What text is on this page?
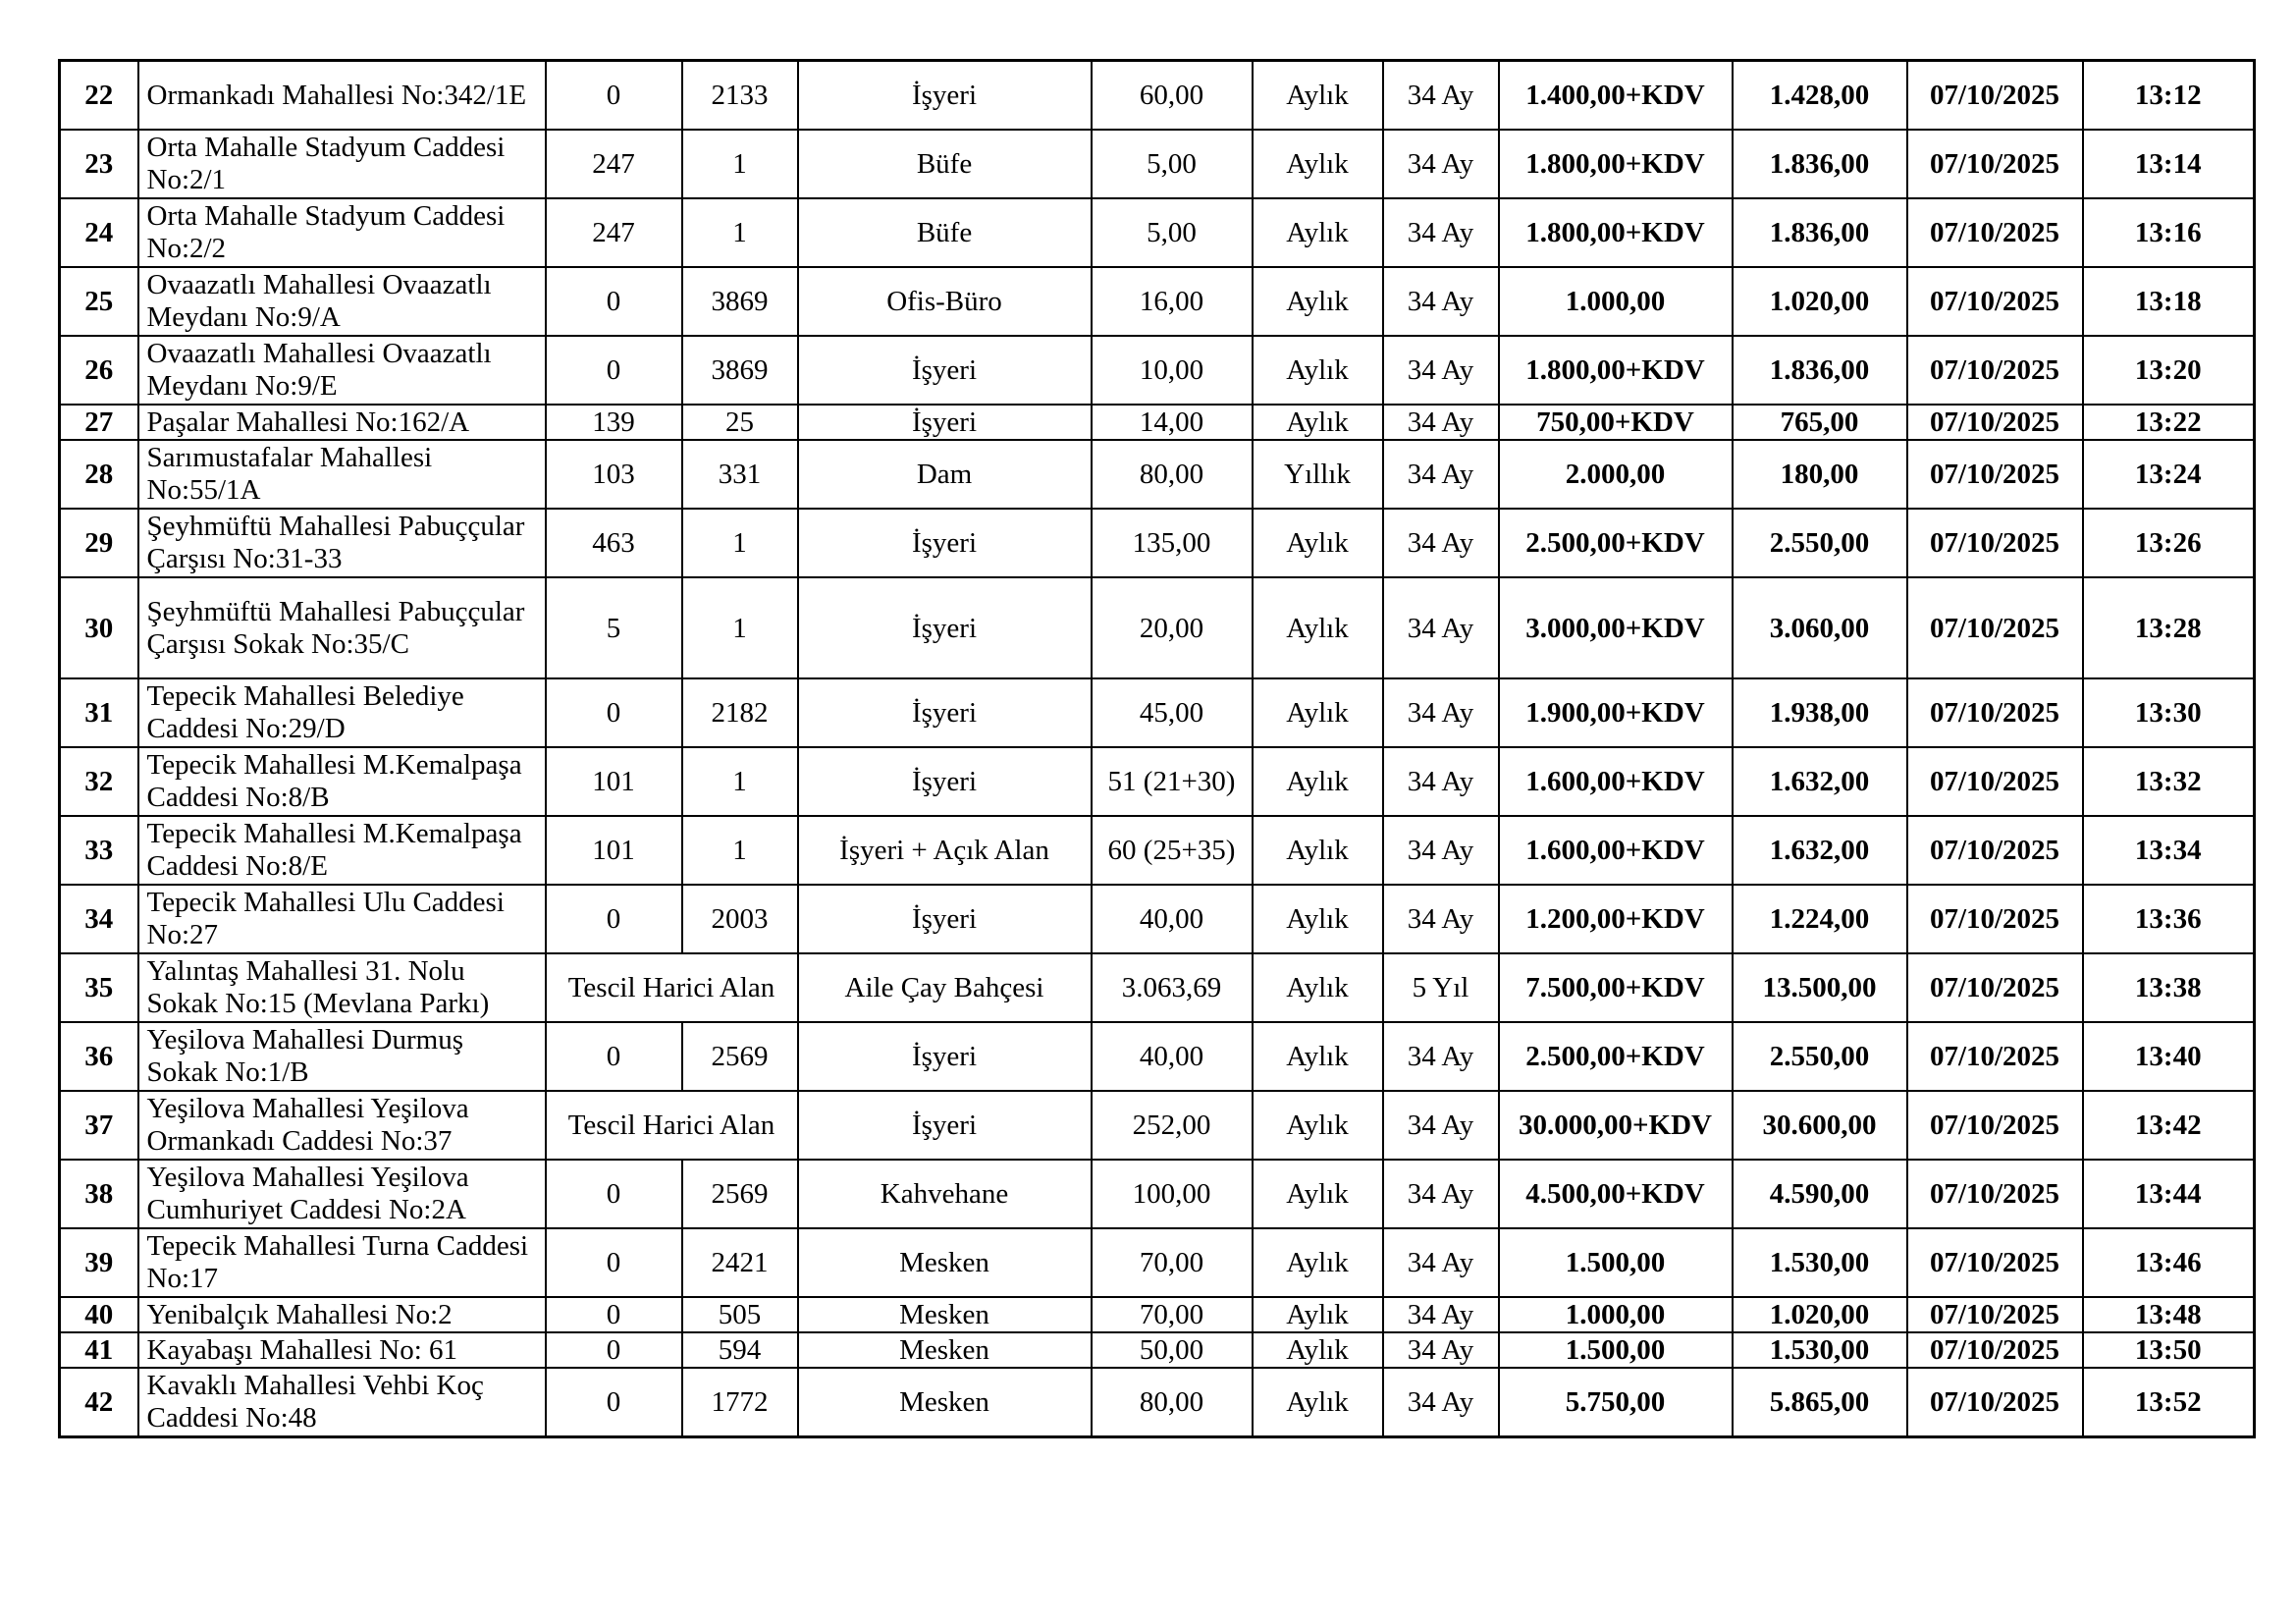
22	Ormankadı Mahallesi No:342/1E	0	2133	İşyeri	60,00	Aylık	34 Ay	1.400,00+KDV	1.428,00	07/10/2025	13:12
23	Orta Mahalle Stadyum Caddesi No:2/1	247	1	Büfe	5,00	Aylık	34 Ay	1.800,00+KDV	1.836,00	07/10/2025	13:14
24	Orta Mahalle Stadyum Caddesi No:2/2	247	1	Büfe	5,00	Aylık	34 Ay	1.800,00+KDV	1.836,00	07/10/2025	13:16
25	Ovaazatlı Mahallesi Ovaazatlı Meydanı No:9/A	0	3869	Ofis-Büro	16,00	Aylık	34 Ay	1.000,00	1.020,00	07/10/2025	13:18
26	Ovaazatlı Mahallesi Ovaazatlı Meydanı No:9/E	0	3869	İşyeri	10,00	Aylık	34 Ay	1.800,00+KDV	1.836,00	07/10/2025	13:20
27	Paşalar Mahallesi No:162/A	139	25	İşyeri	14,00	Aylık	34 Ay	750,00+KDV	765,00	07/10/2025	13:22
28	Sarımustafalar Mahallesi No:55/1A	103	331	Dam	80,00	Yıllık	34 Ay	2.000,00	180,00	07/10/2025	13:24
29	Şeyhmüftü Mahallesi Pabuççular Çarşısı No:31-33	463	1	İşyeri	135,00	Aylık	34 Ay	2.500,00+KDV	2.550,00	07/10/2025	13:26
30	Şeyhmüftü Mahallesi Pabuççular Çarşısı Sokak No:35/C	5	1	İşyeri	20,00	Aylık	34 Ay	3.000,00+KDV	3.060,00	07/10/2025	13:28
31	Tepecik Mahallesi Belediye Caddesi No:29/D	0	2182	İşyeri	45,00	Aylık	34 Ay	1.900,00+KDV	1.938,00	07/10/2025	13:30
32	Tepecik Mahallesi M.Kemalpaşa Caddesi No:8/B	101	1	İşyeri	51 (21+30)	Aylık	34 Ay	1.600,00+KDV	1.632,00	07/10/2025	13:32
33	Tepecik Mahallesi M.Kemalpaşa Caddesi No:8/E	101	1	İşyeri + Açık Alan	60 (25+35)	Aylık	34 Ay	1.600,00+KDV	1.632,00	07/10/2025	13:34
34	Tepecik Mahallesi Ulu Caddesi No:27	0	2003	İşyeri	40,00	Aylık	34 Ay	1.200,00+KDV	1.224,00	07/10/2025	13:36
35	Yalıntaş Mahallesi 31. Nolu Sokak No:15 (Mevlana Parkı)	Tescil Harici Alan		Aile Çay Bahçesi	3.063,69	Aylık	5 Yıl	7.500,00+KDV	13.500,00	07/10/2025	13:38
36	Yeşilova Mahallesi Durmuş Sokak No:1/B	0	2569	İşyeri	40,00	Aylık	34 Ay	2.500,00+KDV	2.550,00	07/10/2025	13:40
37	Yeşilova Mahallesi Yeşilova Ormankadı Caddesi No:37	Tescil Harici Alan		İşyeri	252,00	Aylık	34 Ay	30.000,00+KDV	30.600,00	07/10/2025	13:42
38	Yeşilova Mahallesi Yeşilova Cumhuriyet Caddesi No:2A	0	2569	Kahvehane	100,00	Aylık	34 Ay	4.500,00+KDV	4.590,00	07/10/2025	13:44
39	Tepecik Mahallesi Turna Caddesi No:17	0	2421	Mesken	70,00	Aylık	34 Ay	1.500,00	1.530,00	07/10/2025	13:46
40	Yenibalçık Mahallesi No:2	0	505	Mesken	70,00	Aylık	34 Ay	1.000,00	1.020,00	07/10/2025	13:48
41	Kayabaşı Mahallesi No: 61	0	594	Mesken	50,00	Aylık	34 Ay	1.500,00	1.530,00	07/10/2025	13:50
42	Kavaklı Mahallesi Vehbi Koç Caddesi No:48	0	1772	Mesken	80,00	Aylık	34 Ay	5.750,00	5.865,00	07/10/2025	13:52
